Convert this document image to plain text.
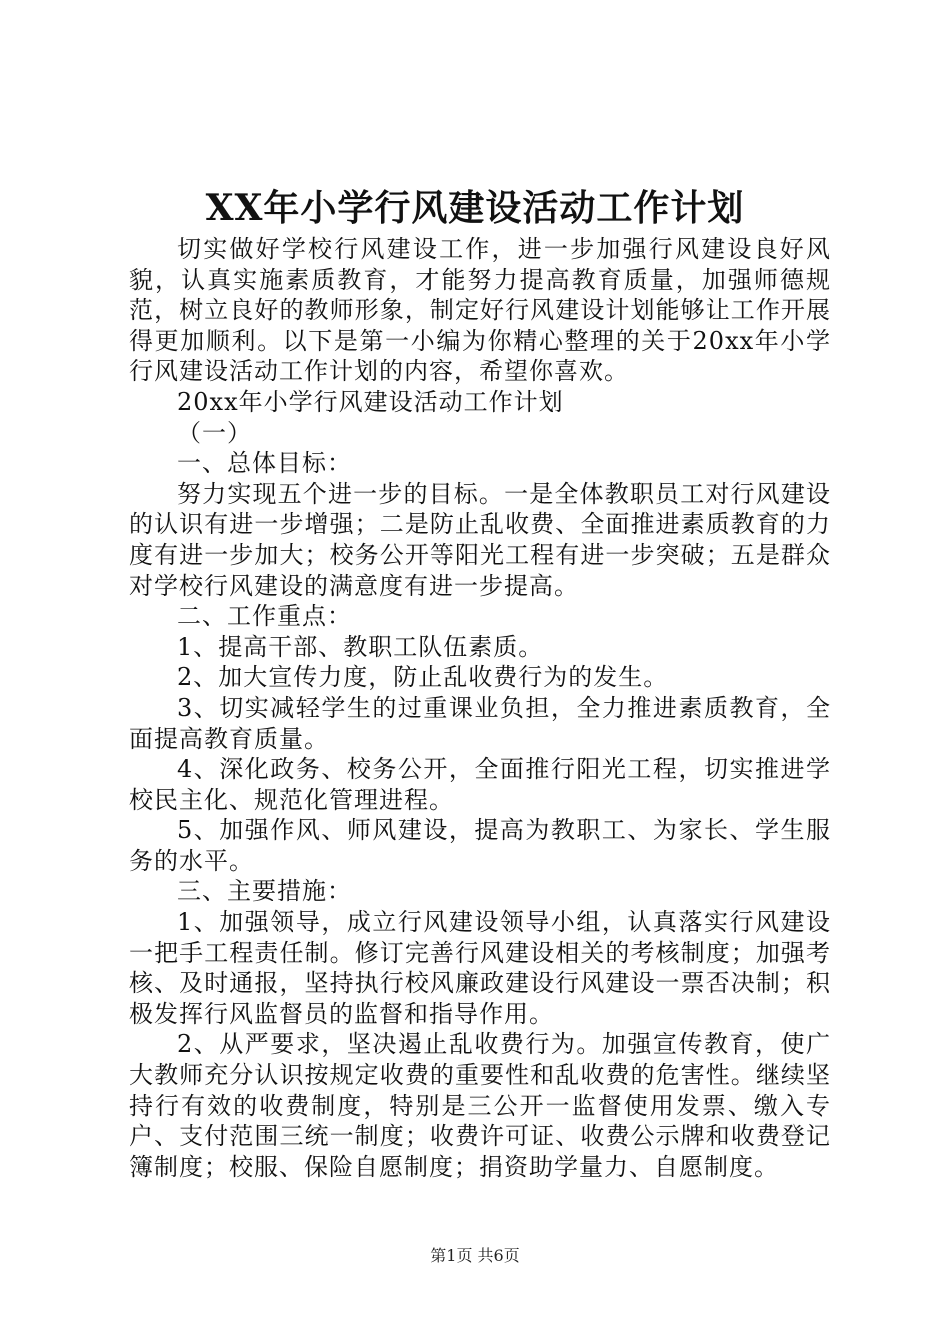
XX年小学行风建设活动工作计划

切实做好学校行风建设工作，进一步加强行风建设良好风貌，认真实施素质教育，才能努力提高教育质量，加强师德规范，树立良好的教师形象，制定好行风建设计划能够让工作开展得更加顺利。以下是第一小编为你精心整理的关于20xx年小学行风建设活动工作计划的内容，希望你喜欢。

20xx年小学行风建设活动工作计划

（一）

一、总体目标：

努力实现五个进一步的目标。一是全体教职员工对行风建设的认识有进一步增强；二是防止乱收费、全面推进素质教育的力度有进一步加大；校务公开等阳光工程有进一步突破；五是群众对学校行风建设的满意度有进一步提高。

二、工作重点：

1、提高干部、教职工队伍素质。

2、加大宣传力度，防止乱收费行为的发生。

3、切实减轻学生的过重课业负担，全力推进素质教育，全面提高教育质量。

4、深化政务、校务公开，全面推行阳光工程，切实推进学校民主化、规范化管理进程。

5、加强作风、师风建设，提高为教职工、为家长、学生服务的水平。

三、主要措施：

1、加强领导，成立行风建设领导小组，认真落实行风建设一把手工程责任制。修订完善行风建设相关的考核制度；加强考核、及时通报，坚持执行校风廉政建设行风建设一票否决制；积极发挥行风监督员的监督和指导作用。

2、从严要求，坚决遏止乱收费行为。加强宣传教育，使广大教师充分认识按规定收费的重要性和乱收费的危害性。继续坚持行有效的收费制度，特别是三公开一监督使用发票、缴入专户、支付范围三统一制度；收费许可证、收费公示牌和收费登记簿制度；校服、保险自愿制度；捐资助学量力、自愿制度。

第1页 共6页
